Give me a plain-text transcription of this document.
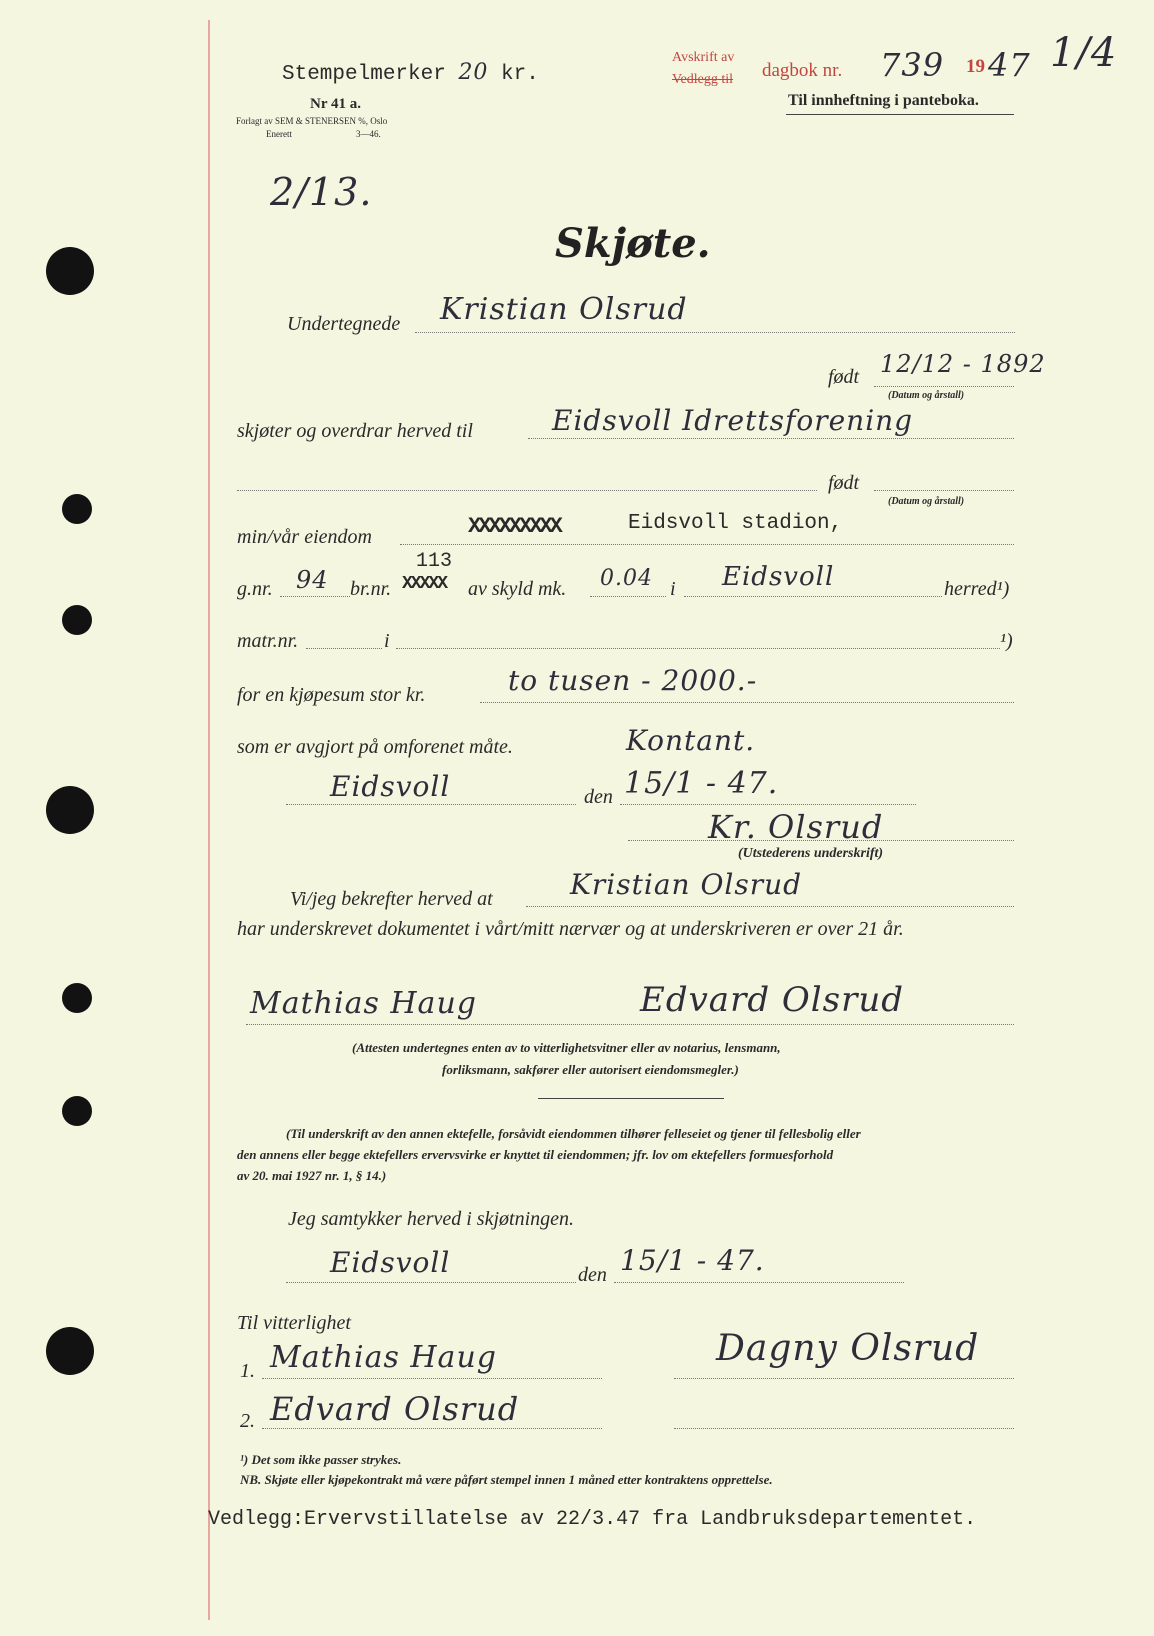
Stempelmerker 20 kr.
Nr 41 a.
Forlagt av SEM & STENERSEN %, Oslo
Enerett	3—46.
Avskrift av
Vedlegg til dagbok nr. 739 19 47 1/4
Til innheftning i panteboka.
2/13.
Skjøte.
Undertegnede Kristian Olsrud
født 12/12 - 1892
(Datum og årstall)
skjøter og overdrar herved til	Eidsvoll Idrettsforening
født
(Datum og årstall)
min/vår eiendom	XXXXXXXXX	Eidsvoll stadion,
g.nr. 94 br.nr.
113
XXXXX av skyld mk. 0.04 i Eidsvoll	herred¹)
matr.nr.	i	¹)
for en kjøpesum stor kr.	to tusen - 2000.-
som er avgjort på omforenet måte.	Kontant.
Eidsvoll	den 15/1 - 47.
Kr. Olsrud
(Utstederens underskrift)
Vi/jeg bekrefter herved at	Kristian Olsrud
har underskrevet dokumentet i vårt/mitt nærvær og at underskriveren er over 21 år.
Mathias Haug	Edvard Olsrud
(Attesten undertegnes enten av to vitterlighetsvitner eller av notarius, lensmann,
forliksmann, sakfører eller autorisert eiendomsmegler.)
(Til underskrift av den annen ektefelle, forsåvidt eiendommen tilhører felleseiet og tjener til fellesbolig eller
den annens eller begge ektefellers ervervsvirke er knyttet til eiendommen; jfr. lov om ektefellers formuesforhold
av 20. mai 1927 nr. 1, § 14.)
Jeg samtykker herved i skjøtningen.
Eidsvoll	den 15/1 - 47.
Til vitterlighet
1. Mathias Haug	Dagny Olsrud
2. Edvard Olsrud
¹) Det som ikke passer strykes.
NB. Skjøte eller kjøpekontrakt må være påført stempel innen 1 måned etter kontraktens opprettelse.
Vedlegg:Ervervstillatelse av 22/3.47 fra Landbruksdepartementet.
